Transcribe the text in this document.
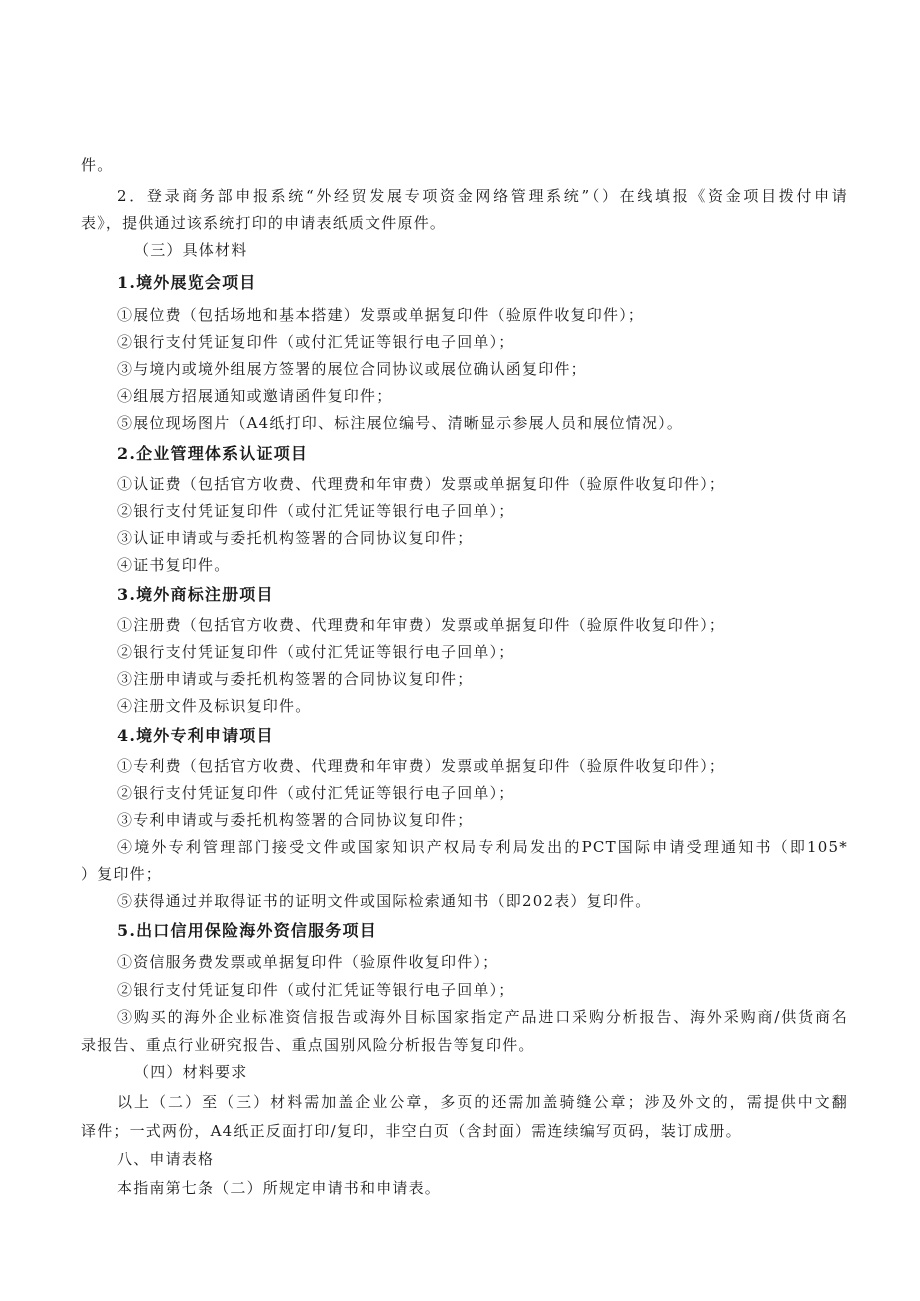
件。
2．登录商务部申报系统“外经贸发展专项资金网络管理系统”（）在线填报《资金项目拨付申请
表》，提供通过该系统打印的申请表纸质文件原件。
（三）具体材料
1.境外展览会项目
①展位费（包括场地和基本搭建）发票或单据复印件（验原件收复印件）；
②银行支付凭证复印件（或付汇凭证等银行电子回单）；
③与境内或境外组展方签署的展位合同协议或展位确认函复印件；
④组展方招展通知或邀请函件复印件；
⑤展位现场图片（A4纸打印、标注展位编号、清晰显示参展人员和展位情况）。
2.企业管理体系认证项目
①认证费（包括官方收费、代理费和年审费）发票或单据复印件（验原件收复印件）；
②银行支付凭证复印件（或付汇凭证等银行电子回单）；
③认证申请或与委托机构签署的合同协议复印件；
④证书复印件。
3.境外商标注册项目
①注册费（包括官方收费、代理费和年审费）发票或单据复印件（验原件收复印件）；
②银行支付凭证复印件（或付汇凭证等银行电子回单）；
③注册申请或与委托机构签署的合同协议复印件；
④注册文件及标识复印件。
4.境外专利申请项目
①专利费（包括官方收费、代理费和年审费）发票或单据复印件（验原件收复印件）；
②银行支付凭证复印件（或付汇凭证等银行电子回单）；
③专利申请或与委托机构签署的合同协议复印件；
④境外专利管理部门接受文件或国家知识产权局专利局发出的PCT国际申请受理通知书（即105*
）复印件；
⑤获得通过并取得证书的证明文件或国际检索通知书（即202表）复印件。
5.出口信用保险海外资信服务项目
①资信服务费发票或单据复印件（验原件收复印件）；
②银行支付凭证复印件（或付汇凭证等银行电子回单）；
③购买的海外企业标准资信报告或海外目标国家指定产品进口采购分析报告、海外采购商/供货商名
录报告、重点行业研究报告、重点国别风险分析报告等复印件。
（四）材料要求
以上（二）至（三）材料需加盖企业公章，多页的还需加盖骑缝公章；涉及外文的，需提供中文翻
译件；一式两份，A4纸正反面打印/复印，非空白页（含封面）需连续编写页码，装订成册。
八、申请表格
本指南第七条（二）所规定申请书和申请表。
